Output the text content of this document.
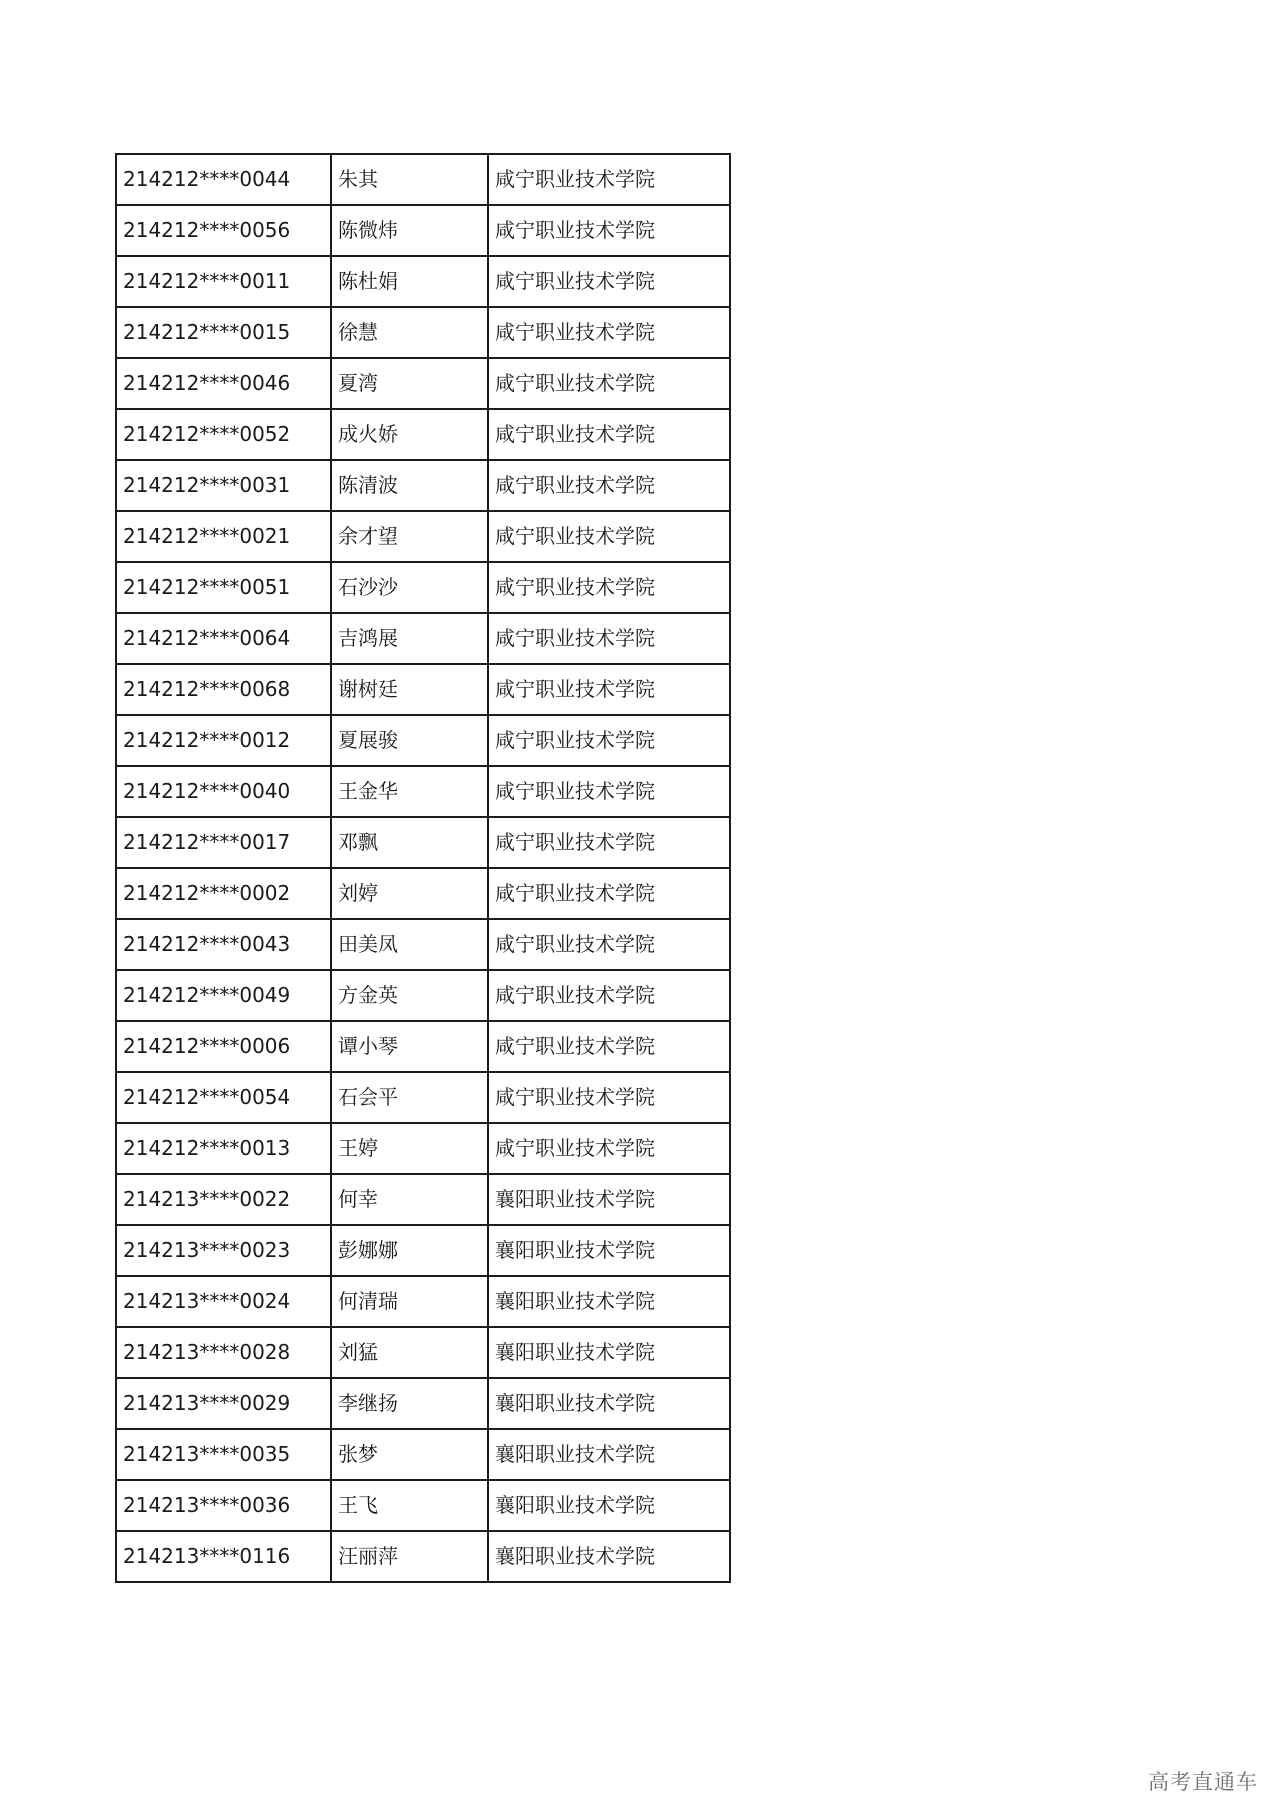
214212****0044	朱其	咸宁职业技术学院
214212****0056	陈微炜	咸宁职业技术学院
214212****0011	陈杜娟	咸宁职业技术学院
214212****0015	徐慧	咸宁职业技术学院
214212****0046	夏湾	咸宁职业技术学院
214212****0052	成火娇	咸宁职业技术学院
214212****0031	陈清波	咸宁职业技术学院
214212****0021	余才望	咸宁职业技术学院
214212****0051	石沙沙	咸宁职业技术学院
214212****0064	吉鸿展	咸宁职业技术学院
214212****0068	谢树廷	咸宁职业技术学院
214212****0012	夏展骏	咸宁职业技术学院
214212****0040	王金华	咸宁职业技术学院
214212****0017	邓飘	咸宁职业技术学院
214212****0002	刘婷	咸宁职业技术学院
214212****0043	田美凤	咸宁职业技术学院
214212****0049	方金英	咸宁职业技术学院
214212****0006	谭小琴	咸宁职业技术学院
214212****0054	石会平	咸宁职业技术学院
214212****0013	王婷	咸宁职业技术学院
214213****0022	何幸	襄阳职业技术学院
214213****0023	彭娜娜	襄阳职业技术学院
214213****0024	何清瑞	襄阳职业技术学院
214213****0028	刘猛	襄阳职业技术学院
214213****0029	李继扬	襄阳职业技术学院
214213****0035	张梦	襄阳职业技术学院
214213****0036	王飞	襄阳职业技术学院
214213****0116	汪丽萍	襄阳职业技术学院
高考直通车
